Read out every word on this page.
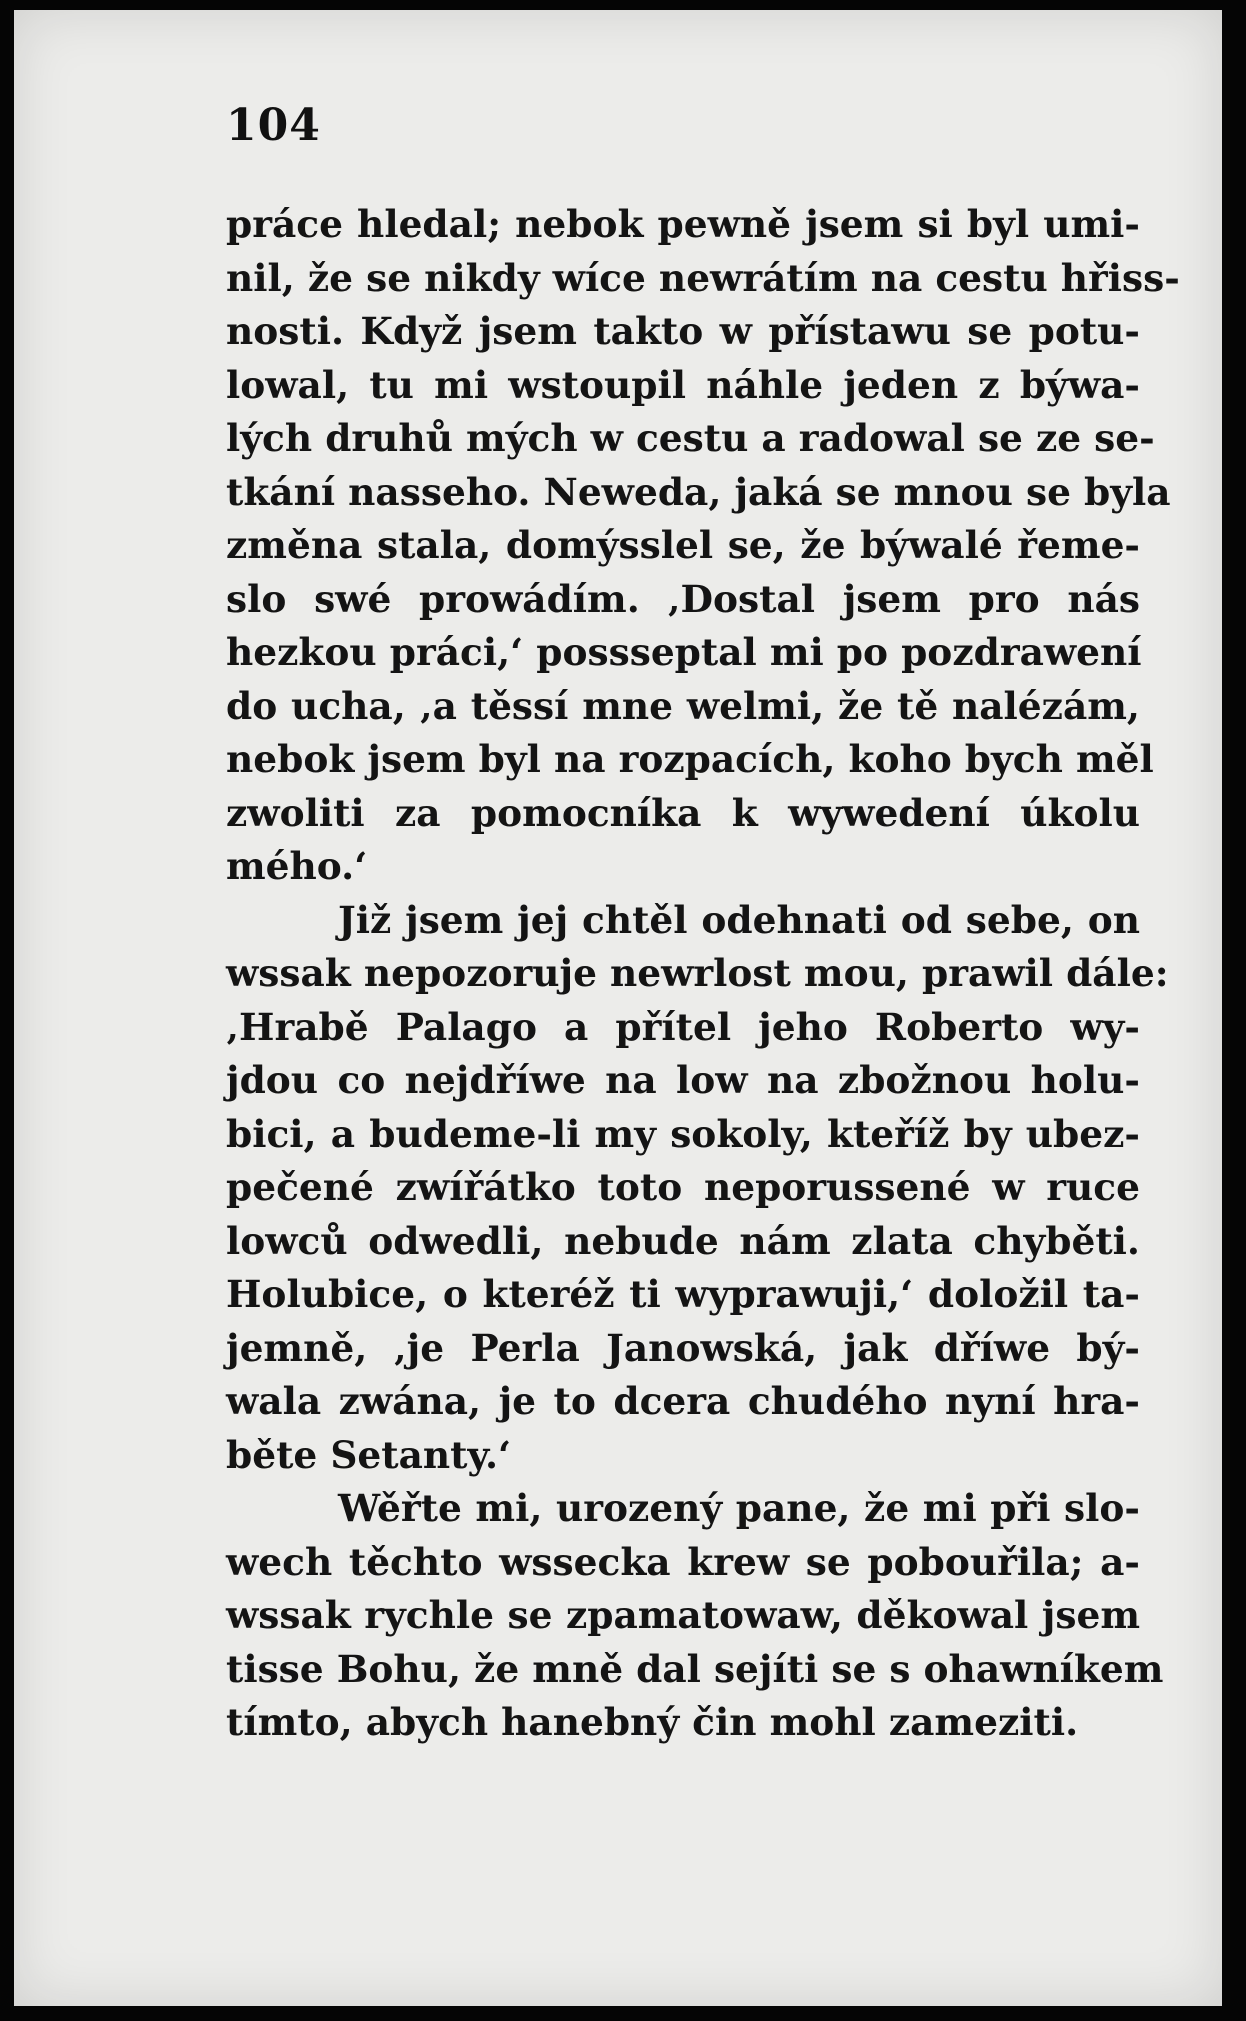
104
práce hledal; nebok pewně jsem si byl umi-
nil, že se nikdy wíce newrátím na cestu hřiss-
nosti. Když jsem takto w přístawu se potu-
lowal, tu mi wstoupil náhle jeden z býwa-
lých druhů mých w cestu a radowal se ze se-
tkání nasseho. Neweda, jaká se mnou se byla
změna stala, domýsslel se, že býwalé řeme-
slo swé prowádím. ‚Dostal jsem pro nás
hezkou práci,‘ possseptal mi po pozdrawení
do ucha, ‚a těssí mne welmi, že tě nalézám,
nebok jsem byl na rozpacích, koho bych měl
zwoliti za pomocníka k wywedení úkolu
mého.‘
Již jsem jej chtěl odehnati od sebe, on
wssak nepozoruje newrlost mou, prawil dále:
‚Hrabě Palago a přítel jeho Roberto wy-
jdou co nejdříwe na low na zbožnou holu-
bici, a budeme-li my sokoly, kteříž by ubez-
pečené zwířátko toto neporussené w ruce
lowců odwedli, nebude nám zlata chyběti.
Holubice, o kteréž ti wyprawuji,‘ doložil ta-
jemně, ‚je Perla Janowská, jak dříwe bý-
wala zwána, je to dcera chudého nyní hra-
běte Setanty.‘
Wěřte mi, urozený pane, že mi při slo-
wech těchto wssecka krew se pobouřila; a-
wssak rychle se zpamatowaw, děkowal jsem
tisse Bohu, že mně dal sejíti se s ohawníkem
tímto, abych hanebný čin mohl zameziti.
